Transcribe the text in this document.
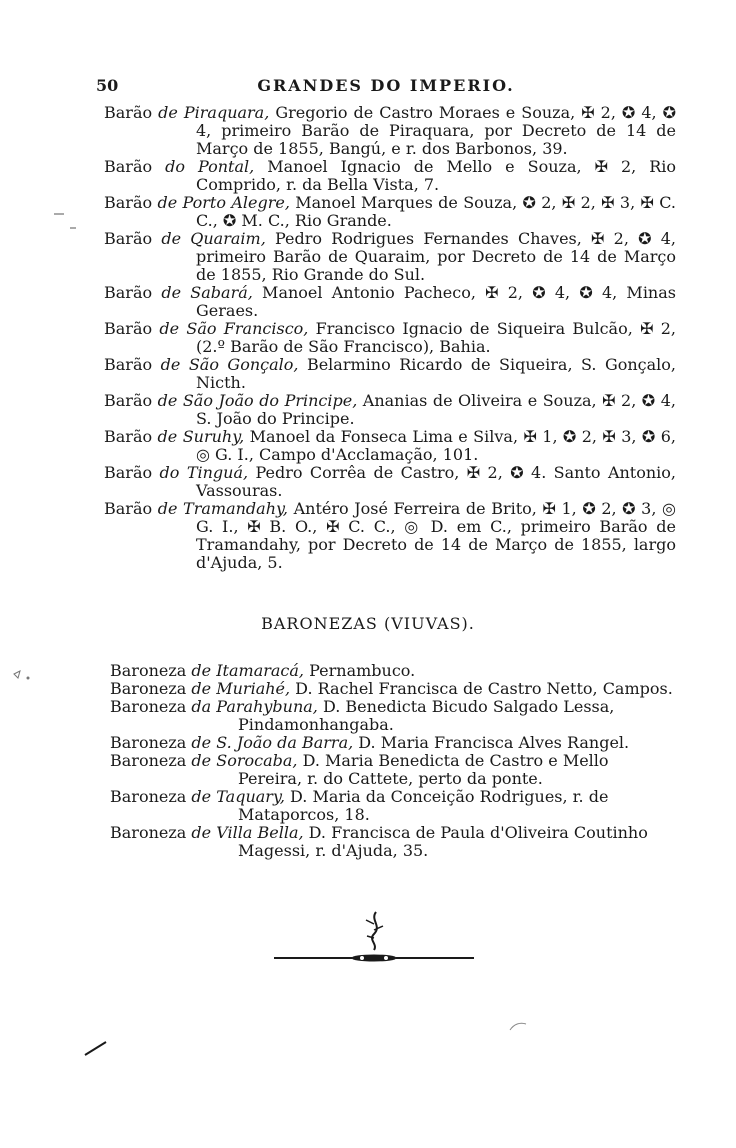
50	GRANDES DO IMPERIO.

Barão de Piraquara, Gregorio de Castro Moraes e Souza, ✠ 2, ✪ 4, ✪ 4, primeiro Barão de Piraquara, por Decreto de 14 de Março de 1855, Bangú, e r. dos Barbonos, 39.

Barão do Pontal, Manoel Ignacio de Mello e Souza, ✠ 2, Rio Comprido, r. da Bella Vista, 7.

Barão de Porto Alegre, Manoel Marques de Souza, ✪ 2, ✠ 2, ✠ 3, ✠ C. C., ✪ M. C., Rio Grande.

Barão de Quaraim, Pedro Rodrigues Fernandes Chaves, ✠ 2, ✪ 4, primeiro Barão de Quaraim, por Decreto de 14 de Março de 1855, Rio Grande do Sul.

Barão de Sabará, Manoel Antonio Pacheco, ✠ 2, ✪ 4, ✪ 4, Minas Geraes.

Barão de São Francisco, Francisco Ignacio de Siqueira Bulcão, ✠ 2, (2.º Barão de São Francisco), Bahia.

Barão de São Gonçalo, Belarmino Ricardo de Siqueira, S. Gonçalo, Nicth.

Barão de São João do Principe, Ananias de Oliveira e Souza, ✠ 2, ✪ 4, S. João do Principe.

Barão de Suruhy, Manoel da Fonseca Lima e Silva, ✠ 1, ✪ 2, ✠ 3, ✪ 6, ◎ G. I., Campo d'Acclamação, 101.

Barão do Tinguá, Pedro Corrêa de Castro, ✠ 2, ✪ 4. Santo Antonio, Vassouras.

Barão de Tramandahy, Antéro José Ferreira de Brito, ✠ 1, ✪ 2, ✪ 3, ◎ G. I., ✠ B. O., ✠ C. C., ◎ D. em C., primeiro Barão de Tramandahy, por Decreto de 14 de Março de 1855, largo d'Ajuda, 5.

BARONEZAS (VIUVAS).

Baroneza de Itamaracá, Pernambuco.

Baroneza de Muriahé, D. Rachel Francisca de Castro Netto, Campos.

Baroneza da Parahybuna, D. Benedicta Bicudo Salgado Lessa, Pindamonhangaba.

Baroneza de S. João da Barra, D. Maria Francisca Alves Rangel.

Baroneza de Sorocaba, D. Maria Benedicta de Castro e Mello Pereira, r. do Cattete, perto da ponte.

Baroneza de Taquary, D. Maria da Conceição Rodrigues, r. de Mataporcos, 18.

Baroneza de Villa Bella, D. Francisca de Paula d'Oliveira Coutinho Magessi, r. d'Ajuda, 35.
